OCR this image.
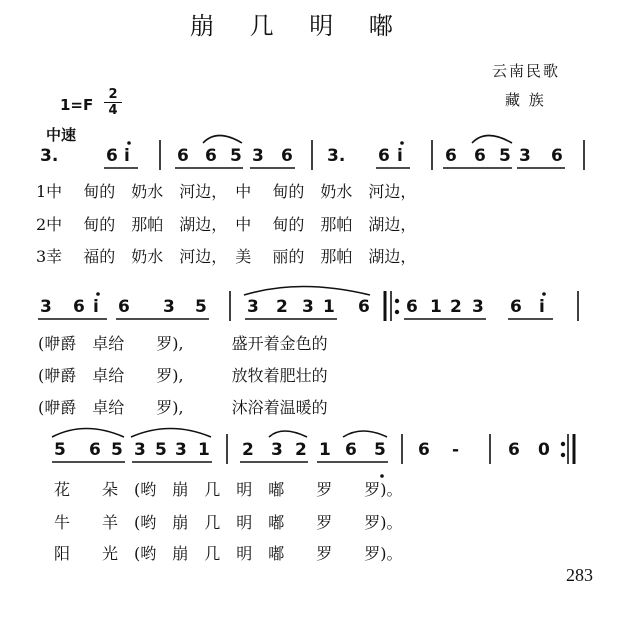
崩 几 明 嘟
云南民歌
藏 族
1=F
2
4
中速
3.	6 i	6 6 5 3 6 3. 6 i 6 6 5 3 6
1中　 甸的　奶水　河边，　中　 甸的　奶水　河边，
2中　 甸的　那帕　湖边，　中　 甸的　那帕　湖边，
3幸　 福的　奶水　河边，　美　 丽的　那帕　湖边，
3 6 i 6 3 5 3 2 3 1 6 6 1 2 3 6 i
(咿爵　卓给　　罗),　　　盛开着金色的
(咿爵　卓给　　罗),　　　放牧着肥壮的
(咿爵　卓给　　罗),　　　沐浴着温暖的
5 6 5 3 5 3 1 2 3 2 1 6 5 6 -	6 0
花　　朵　(哟　崩　几　明　嘟　　罗　　罗)。
牛　　羊　(哟　崩　几　明　嘟　　罗　　罗)。
阳　　光　(哟　崩　几　明　嘟　　罗　　罗)。
283
